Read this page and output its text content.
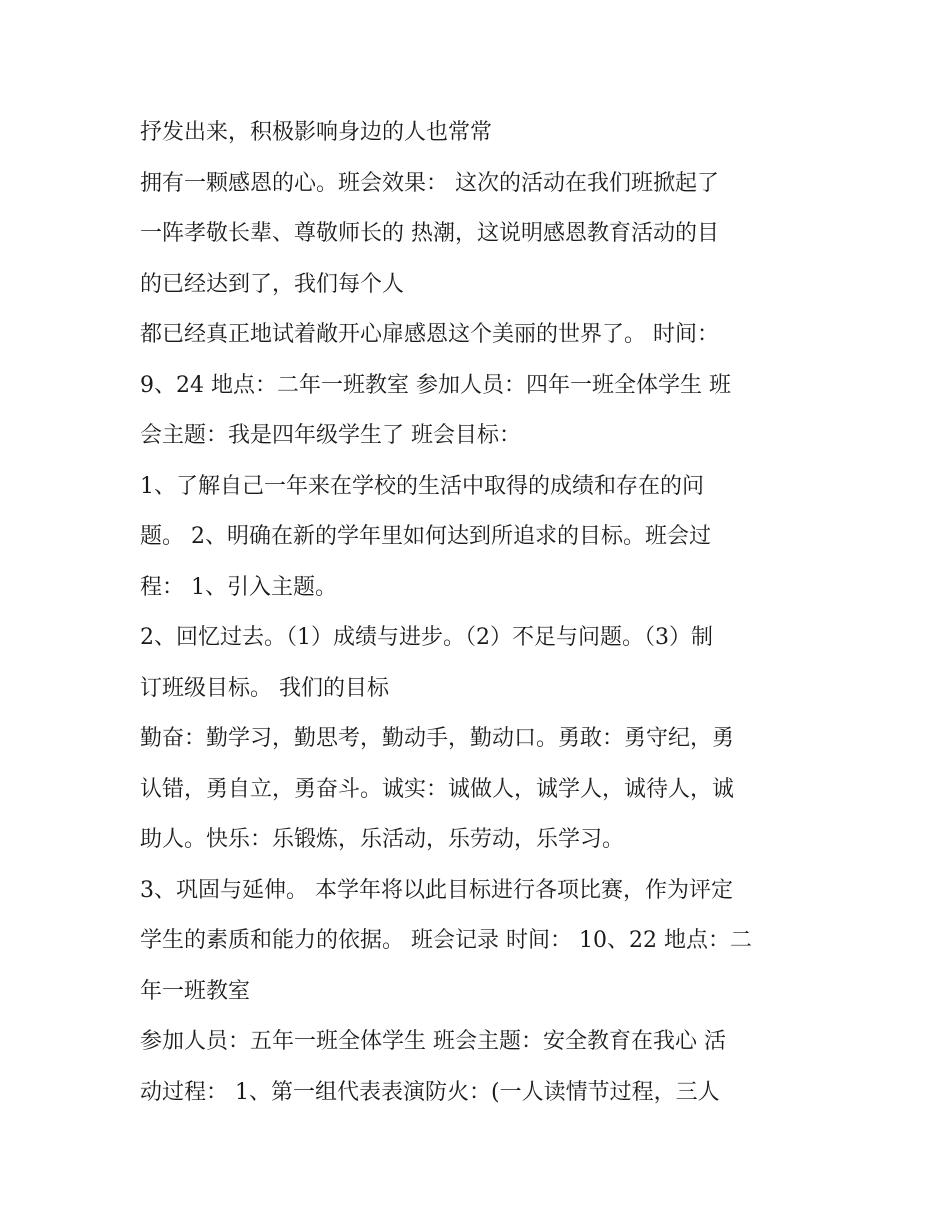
抒发出来，积极影响身边的人也常常
拥有一颗感恩的心。班会效果： 这次的活动在我们班掀起了
一阵孝敬长辈、尊敬师长的 热潮，这说明感恩教育活动的目
的已经达到了，我们每个人
都已经真正地试着敞开心扉感恩这个美丽的世界了。 时间：
9、24 地点：二年一班教室 参加人员：四年一班全体学生 班
会主题：我是四年级学生了 班会目标：
1、了解自己一年来在学校的生活中取得的成绩和存在的问
题。 2、明确在新的学年里如何达到所追求的目标。班会过
程： 1、引入主题。
2、回忆过去。（1）成绩与进步。（2）不足与问题。（3）制
订班级目标。 我们的目标
勤奋：勤学习，勤思考，勤动手，勤动口。勇敢：勇守纪，勇
认错，勇自立，勇奋斗。诚实：诚做人，诚学人，诚待人，诚
助人。快乐：乐锻炼，乐活动，乐劳动，乐学习。
3、巩固与延伸。 本学年将以此目标进行各项比赛，作为评定
学生的素质和能力的依据。 班会记录 时间： 10、22 地点：二
年一班教室
参加人员：五年一班全体学生 班会主题：安全教育在我心 活
动过程： 1、第一组代表表演防火：(一人读情节过程，三人
